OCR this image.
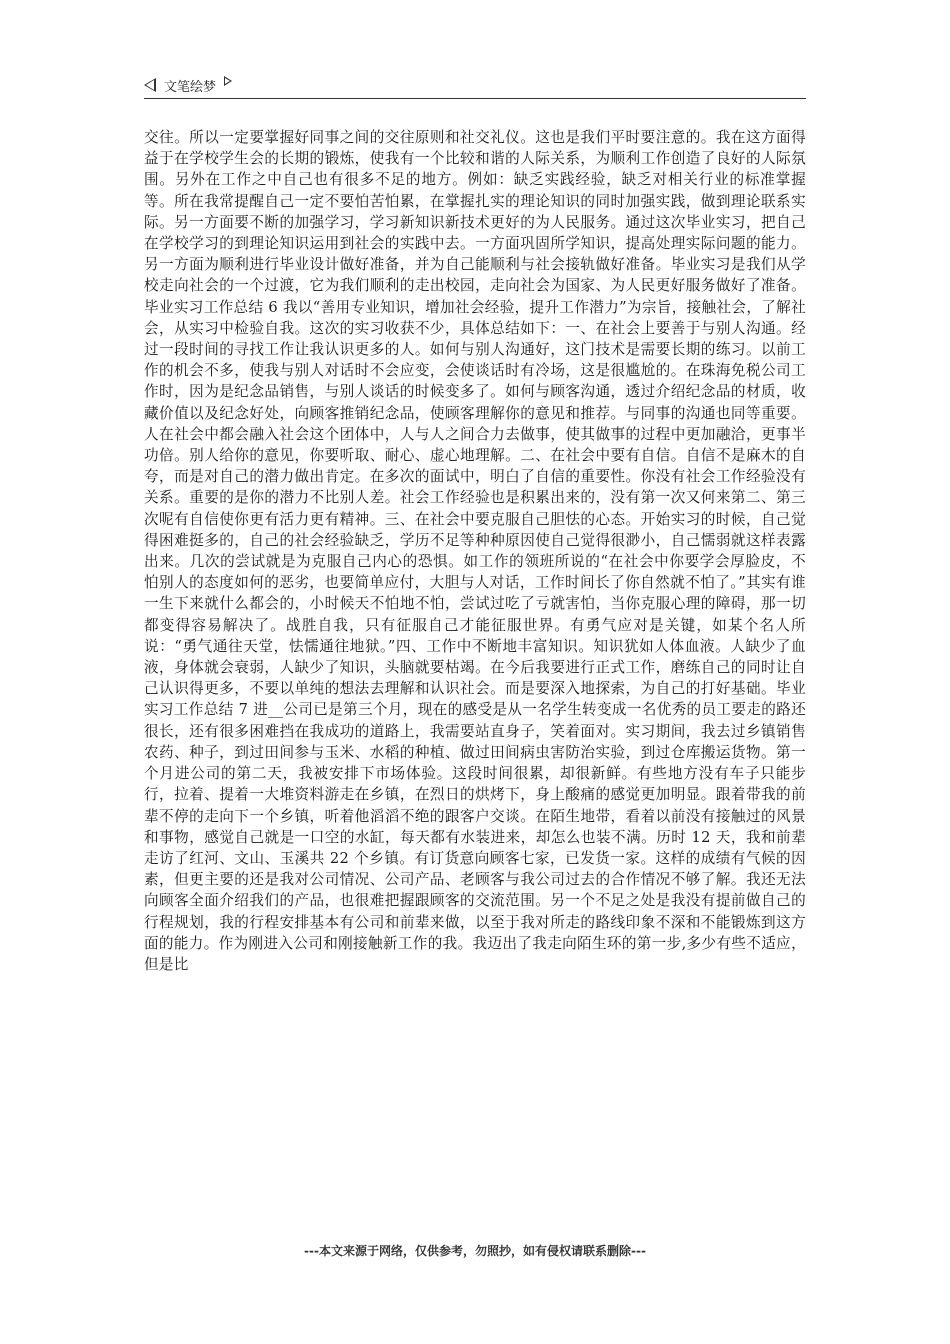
文笔绘梦

交往。所以一定要掌握好同事之间的交往原则和社交礼仪。这也是我们平时要注意的。我在这方面得益于在学校学生会的长期的锻炼，使我有一个比较和谐的人际关系，为顺利工作创造了良好的人际氛围。另外在工作之中自己也有很多不足的地方。例如：缺乏实践经验，缺乏对相关行业的标准掌握等。所在我常提醒自己一定不要怕苦怕累，在掌握扎实的理论知识的同时加强实践，做到理论联系实际。另一方面要不断的加强学习，学习新知识新技术更好的为人民服务。通过这次毕业实习，把自己在学校学习的到理论知识运用到社会的实践中去。一方面巩固所学知识，提高处理实际问题的能力。另一方面为顺利进行毕业设计做好准备，并为自己能顺利与社会接轨做好准备。毕业实习是我们从学校走向社会的一个过渡，它为我们顺利的走出校园，走向社会为国家、为人民更好服务做好了准备。毕业实习工作总结 6 我以“善用专业知识，增加社会经验，提升工作潜力”为宗旨，接触社会，了解社会，从实习中检验自我。这次的实习收获不少，具体总结如下：一、在社会上要善于与别人沟通。经过一段时间的寻找工作让我认识更多的人。如何与别人沟通好，这门技术是需要长期的练习。以前工作的机会不多，使我与别人对话时不会应变，会使谈话时有冷场，这是很尴尬的。在珠海免税公司工作时，因为是纪念品销售，与别人谈话的时候变多了。如何与顾客沟通，透过介绍纪念品的材质，收藏价值以及纪念好处，向顾客推销纪念品，使顾客理解你的意见和推荐。与同事的沟通也同等重要。人在社会中都会融入社会这个团体中，人与人之间合力去做事，使其做事的过程中更加融洽，更事半功倍。别人给你的意见，你要听取、耐心、虚心地理解。二、在社会中要有自信。自信不是麻木的自夸，而是对自己的潜力做出肯定。在多次的面试中，明白了自信的重要性。你没有社会工作经验没有关系。重要的是你的潜力不比别人差。社会工作经验也是积累出来的，没有第一次又何来第二、第三次呢有自信使你更有活力更有精神。三、在社会中要克服自己胆怯的心态。开始实习的时候，自己觉得困难挺多的，自己的社会经验缺乏，学历不足等种种原因使自己觉得很渺小，自己懦弱就这样表露出来。几次的尝试就是为克服自己内心的恐惧。如工作的领班所说的“在社会中你要学会厚脸皮，不怕别人的态度如何的恶劣，也要简单应付，大胆与人对话，工作时间长了你自然就不怕了。”其实有谁一生下来就什么都会的，小时候天不怕地不怕，尝试过吃了亏就害怕，当你克服心理的障碍，那一切都变得容易解决了。战胜自我，只有征服自己才能征服世界。有勇气应对是关键，如某个名人所说：“勇气通往天堂，怯懦通往地狱。”四、工作中不断地丰富知识。知识犹如人体血液。人缺少了血液，身体就会衰弱，人缺少了知识，头脑就要枯竭。在今后我要进行正式工作，磨练自己的同时让自己认识得更多，不要以单纯的想法去理解和认识社会。而是要深入地探索，为自己的打好基础。毕业实习工作总结 7 进__公司已是第三个月，现在的感受是从一名学生转变成一名优秀的员工要走的路还很长，还有很多困难挡在我成功的道路上，我需要站直身子，笑着面对。实习期间，我去过乡镇销售农药、种子，到过田间参与玉米、水稻的种植、做过田间病虫害防治实验，到过仓库搬运货物。第一个月进公司的第二天，我被安排下市场体验。这段时间很累，却很新鲜。有些地方没有车子只能步行，拉着、提着一大堆资料游走在乡镇，在烈日的烘烤下，身上酸痛的感觉更加明显。跟着带我的前辈不停的走向下一个乡镇，听着他滔滔不绝的跟客户交谈。在陌生地带，看着以前没有接触过的风景和事物，感觉自己就是一口空的水缸，每天都有水装进来，却怎么也装不满。历时 12 天，我和前辈走访了红河、文山、玉溪共 22 个乡镇。有订货意向顾客七家，已发货一家。这样的成绩有气候的因素，但更主要的还是我对公司情况、公司产品、老顾客与我公司过去的合作情况不够了解。我还无法向顾客全面介绍我们的产品，也很难把握跟顾客的交流范围。另一个不足之处是我没有提前做自己的行程规划，我的行程安排基本有公司和前辈来做，以至于我对所走的路线印象不深和不能锻炼到这方面的能力。作为刚进入公司和刚接触新工作的我。我迈出了我走向陌生环的第一步,多少有些不适应，但是比

---本文来源于网络，仅供参考，勿照抄，如有侵权请联系删除---
